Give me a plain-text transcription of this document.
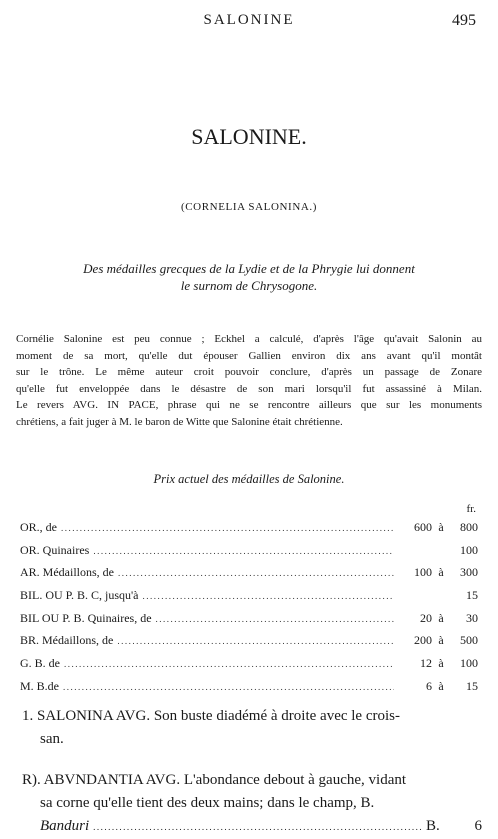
SALONINE	495
SALONINE.
(CORNELIA SALONINA.)
Des médailles grecques de la Lydie et de la Phrygie lui donnent
le surnom de Chrysogone.
Cornélie Salonine est peu connue ; Eckhel a calculé, d'après l'âge qu'avait Salonin au
moment de sa mort, qu'elle dut épouser Gallien environ dix ans avant qu'il montât
sur le trône. Le même auteur croit pouvoir conclure, d'après un passage de Zonare
qu'elle fut enveloppée dans le désastre de son mari lorsqu'il fut assassiné à Milan.
Le revers AVG. IN PACE, phrase qui ne se rencontre ailleurs que sur les monuments
chrétiens, a fait juger à M. le baron de Witte que Salonine était chrétienne.
Prix actuel des médailles de Salonine.
fr.
OR., de .....	600 à	800
OR. Quinaires .....	100
AR. Médaillons, de .....	100 à	300
BIL. OU P. B. C, jusqu'à .....	15
BIL OU P. B. Quinaires, de .....	20 à	30
BR. Médaillons, de .....	200 à	500
G. B. de .....	12 à	100
M. B.de .....	6 à	15
1. SALONINA AVG. Son buste diadémé à droite avec le crois-
san.
R). ABVNDANTIA AVG. L'abondance debout à gauche, vidant
sa corne qu'elle tient des deux mains; dans le champ, B.
Banduri .....	B.	6
